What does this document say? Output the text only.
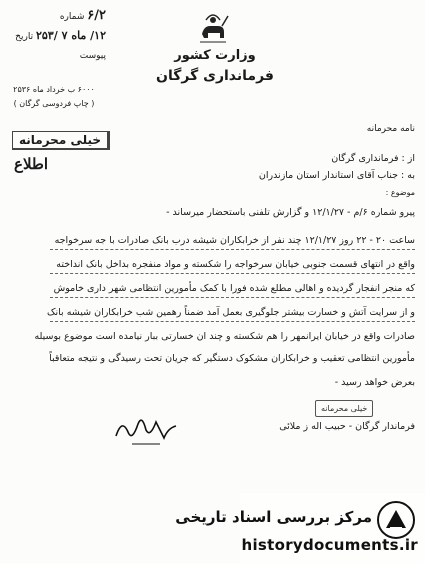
۶/۲ شماره
۱۲/ ماه ۷ /۲۵۳ تاریخ
پیوست
۶۰۰۰ ب خرداد ماه ۲۵۳۶
( چاپ فردوسی گرگان )
خیلی محرمانه
اطلاع
وزارت کشور
فرمانداری گرگان
نامه محرمانه
از : فرمانداری گرگان
به : جناب آقای استاندار استان مازندران
موضوع :
پیرو شماره ۶/م - ۱۲/۱/۲۷ و گزارش تلفنی باستحضار میرساند -
ساعت ۲۰ - ۲۲ روز ۱۲/۱/۲۷ چند نفر از خرابکاران شیشه درب بانک صادرات با جه سرخواجه
واقع در انتهای قسمت جنوبی خیابان سرخواجه را شکسته و مواد منفجره بداخل بانک انداخته
که منجر انفجار گردیده و اهالی مطلع شده فورا با کمک مأمورین انتظامی شهر داری خاموش
و از سرایت آتش و خسارت بیشتر جلوگیری بعمل آمد ضمناً رهمین شب خرابکاران شیشه بانک
صادرات واقع در خیابان ایرانمهر را هم شکسته و چند ان خسارتی ببار نیامده است موضوع بوسیله
مأمورین انتظامی تعقیب و خرابکاران مشکوک دستگیر که جریان تحت رسیدگی و نتیجه متعاقباً
بعرض خواهد رسید -
فرماندار گرگان - حبیب اله ز ملائی
خیلی محرمانه
مرکز بررسی اسناد تاریخی
historydocuments.ir
